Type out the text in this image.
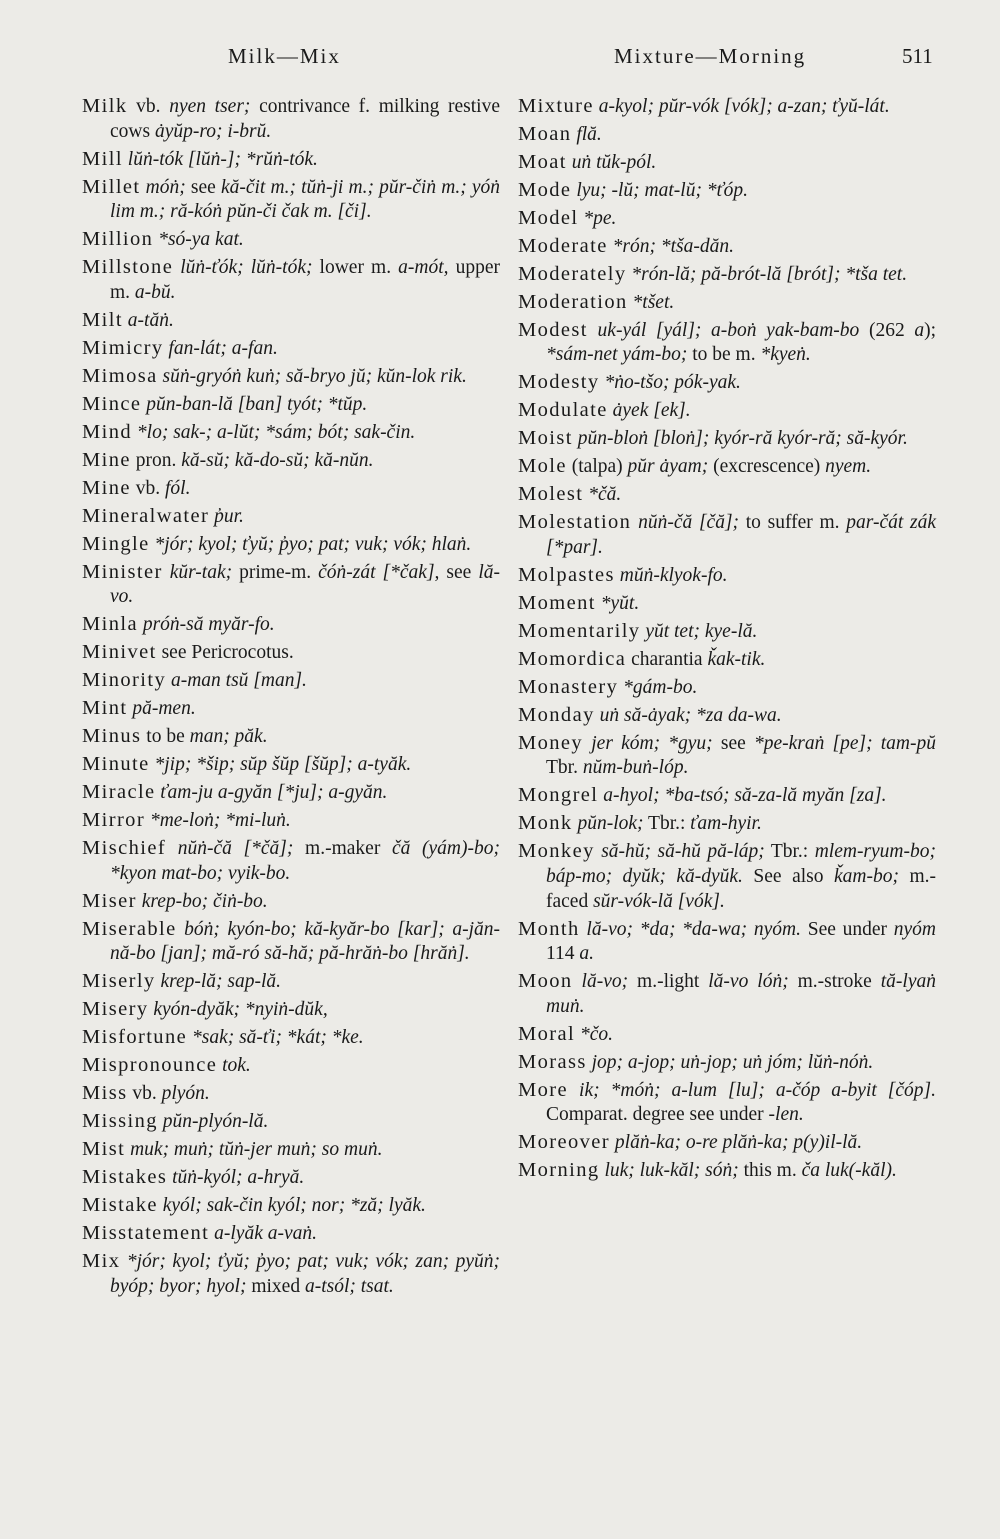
Milk—Mix	Mixture—Morning	511

Milk vb. nyen tser; contrivance f. milking restive cows ȧyŭp-ro; i-brŭ.

Mill lŭṅ-tók [lŭṅ-]; *rŭṅ-tók.

Millet móṅ; see kă-čit m.; tŭṅ-ji m.; pŭr-čiṅ m.; yóṅ lim m.; ră-kóṅ pŭn-či čak m. [či].

Million *só-ya kat.

Millstone lŭṅ-ťók; lŭṅ-tók; lower m. a-mót, upper m. a-bŭ.

Milt a-tăṅ.

Mimicry fan-lát; a-fan.

Mimosa sŭṅ-gryóṅ kuṅ; să-bryo jŭ; kŭn-lok rik.

Mince pŭn-ban-lă [ban] tyót; *tŭp.

Mind *lo; sak-; a-lŭt; *sám; bót; sak-čin.

Mine pron. kă-sŭ; kă-do-sŭ; kă-nŭn.

Mine vb. fól.

Mineralwater p̓ur.

Mingle *jór; kyol; ťyŭ; p̓yo; pat; vuk; vók; hlaṅ.

Minister kŭr-tak; prime-m. čóṅ-zát [*čak], see lă-vo.

Minla próṅ-să myăr-fo.

Minivet see Pericrocotus.

Minority a-man tsŭ [man].

Mint pă-men.

Minus to be man; păk.

Minute *jip; *šip; sŭp šŭp [šŭp]; a-tyăk.

Miracle ťam-ju a-gyăn [*ju]; a-gyăn.

Mirror *me-loṅ; *mi-luṅ.

Mischief nŭṅ-čă [*čă]; m.-maker čă (yám)-bo; *kyon mat-bo; vyik-bo.

Miser krep-bo; čiṅ-bo.

Miserable bóṅ; kyón-bo; kă-kyăr-bo [kar]; a-jăn-nă-bo [jan]; mă-ró să-hă; pă-hrăṅ-bo [hrăṅ].

Miserly krep-lă; sap-lă.

Misery kyón-dyăk; *nyiṅ-dŭk,

Misfortune *sak; să-ťi; *kát; *ke.

Mispronounce tok.

Miss vb. plyón.

Missing pŭn-plyón-lă.

Mist muk; muṅ; tŭṅ-jer muṅ; so muṅ.

Mistakes tŭṅ-kyól; a-hryă.

Mistake kyól; sak-čin kyól; nor; *ză; lyăk.

Misstatement a-lyăk a-vaṅ.

Mix *jór; kyol; ťyŭ; p̓yo; pat; vuk; vók; zan; pyŭṅ; byóp; byor; hyol; mixed a-tsól; tsat.

Mixture a-kyol; pŭr-vók [vók]; a-zan; ťyŭ-lát.

Moan flă.

Moat uṅ tŭk-pól.

Mode lyu; -lŭ; mat-lŭ; *ťóp.

Model *pe.

Moderate *rón; *tša-dăn.

Moderately *rón-lă; pă-brót-lă [brót]; *tša tet.

Moderation *tšet.

Modest uk-yál [yál]; a-boṅ yak-bam-bo (262 a); *sám-net yám-bo; to be m. *kyeṅ.

Modesty *ṅo-tšo; pók-yak.

Modulate ȧyek [ek].

Moist pŭn-bloṅ [bloṅ]; kyór-ră kyór-ră; să-kyór.

Mole (talpa) pŭr ȧyam; (excrescence) nyem.

Molest *čă.

Molestation nŭṅ-čă [čă]; to suffer m. par-čát zák [*par].

Molpastes mŭṅ-klyok-fo.

Moment *yŭt.

Momentarily yŭt tet; kye-lă.

Momordica charantia ǩak-tik.

Monastery *gám-bo.

Monday uṅ să-ȧyak; *za da-wa.

Money jer kóm; *gyu; see *pe-kraṅ [pe]; tam-pŭ Tbr. nŭm-buṅ-lóp.

Mongrel a-hyol; *ba-tsó; să-za-lă myăn [za].

Monk pŭn-lok; Tbr.: ťam-hyir.

Monkey să-hŭ; să-hŭ pă-láp; Tbr.: mlem-ryum-bo; báp-mo; dyŭk; kă-dyŭk. See also ǩam-bo; m.-faced sŭr-vók-lă [vók].

Month lă-vo; *da; *da-wa; nyóm. See under nyóm 114 a.

Moon lă-vo; m.-light lă-vo lóṅ; m.-stroke tă-lyaṅ muṅ.

Moral *čo.

Morass jop; a-jop; uṅ-jop; uṅ jóm; lŭṅ-nóṅ.

More ik; *móṅ; a-lum [lu]; a-čóp a-byit [čóp]. Comparat. degree see under -len.

Moreover plăṅ-ka; o-re plăṅ-ka; p(y)il-lă.

Morning luk; luk-kăl; sóṅ; this m. ča luk(-kăl).
